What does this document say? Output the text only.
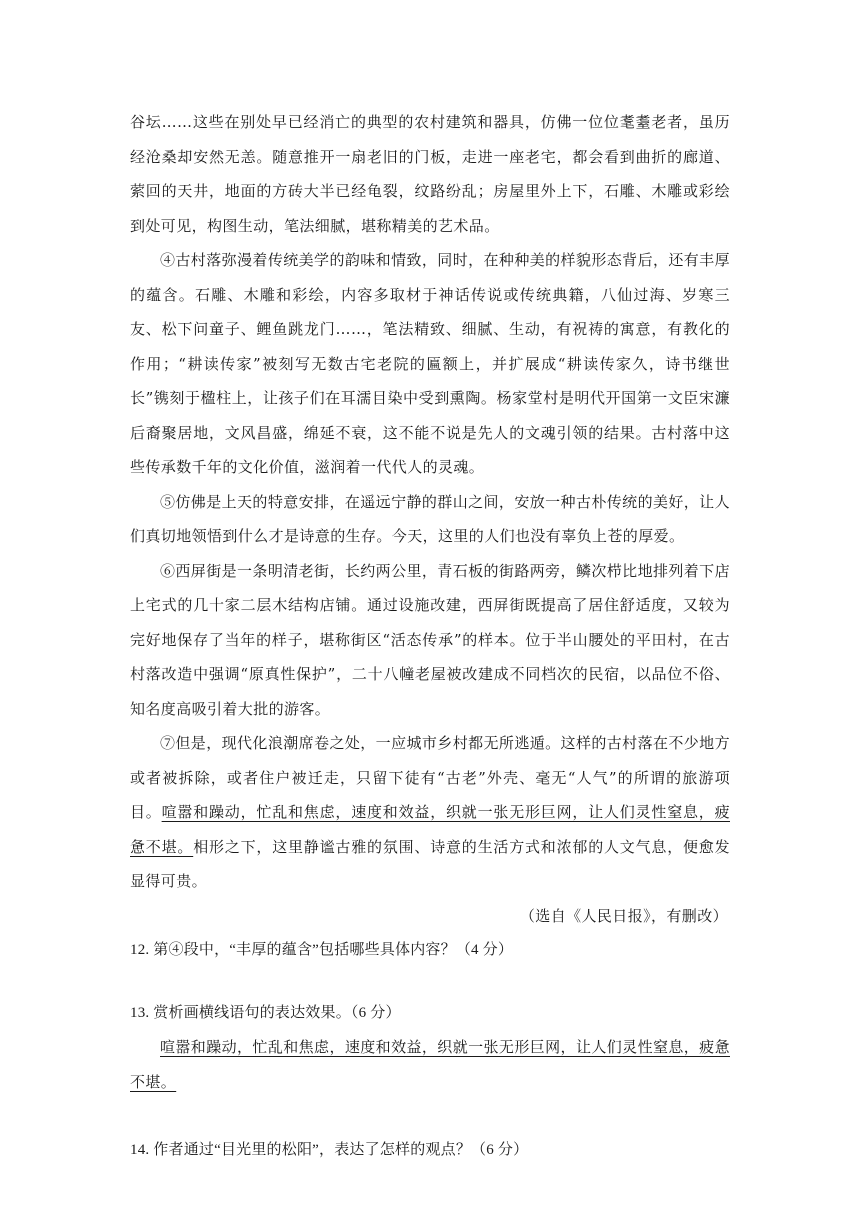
谷坛……这些在别处早已经消亡的典型的农村建筑和器具，仿佛一位位耄耋老者，虽历经沧桑却安然无恙。随意推开一扇老旧的门板，走进一座老宅，都会看到曲折的廊道、萦回的天井，地面的方砖大半已经龟裂，纹路纷乱；房屋里外上下，石雕、木雕或彩绘到处可见，构图生动，笔法细腻，堪称精美的艺术品。

④古村落弥漫着传统美学的韵味和情致，同时，在种种美的样貌形态背后，还有丰厚的蕴含。石雕、木雕和彩绘，内容多取材于神话传说或传统典籍，八仙过海、岁寒三友、松下问童子、鲤鱼跳龙门……，笔法精致、细腻、生动，有祝祷的寓意，有教化的作用；“耕读传家”被刻写无数古宅老院的匾额上，并扩展成“耕读传家久，诗书继世长”镌刻于楹柱上，让孩子们在耳濡目染中受到熏陶。杨家堂村是明代开国第一文臣宋濂后裔聚居地，文风昌盛，绵延不衰，这不能不说是先人的文魂引领的结果。古村落中这些传承数千年的文化价值，滋润着一代代人的灵魂。

⑤仿佛是上天的特意安排，在遥远宁静的群山之间，安放一种古朴传统的美好，让人们真切地领悟到什么才是诗意的生存。今天，这里的人们也没有辜负上苍的厚爱。

⑥西屏街是一条明清老街，长约两公里，青石板的街路两旁，鳞次栉比地排列着下店上宅式的几十家二层木结构店铺。通过设施改建，西屏街既提高了居住舒适度，又较为完好地保存了当年的样子，堪称街区“活态传承”的样本。位于半山腰处的平田村，在古村落改造中强调“原真性保护”，二十八幢老屋被改建成不同档次的民宿，以品位不俗、知名度高吸引着大批的游客。

⑦但是，现代化浪潮席卷之处，一应城市乡村都无所逃遁。这样的古村落在不少地方或者被拆除，或者住户被迁走，只留下徒有“古老”外壳、毫无“人气”的所谓的旅游项目。喧嚣和躁动，忙乱和焦虑，速度和效益，织就一张无形巨网，让人们灵性窒息，疲惫不堪。相形之下，这里静谧古雅的氛围、诗意的生活方式和浓郁的人文气息，便愈发显得可贵。

（选自《人民日报》，有删改）

12. 第④段中，“丰厚的蕴含”包括哪些具体内容？（4 分）

13. 赏析画横线语句的表达效果。（6 分）

喧嚣和躁动，忙乱和焦虑，速度和效益，织就一张无形巨网，让人们灵性窒息，疲惫不堪。

14. 作者通过“目光里的松阳”，表达了怎样的观点？（6 分）
